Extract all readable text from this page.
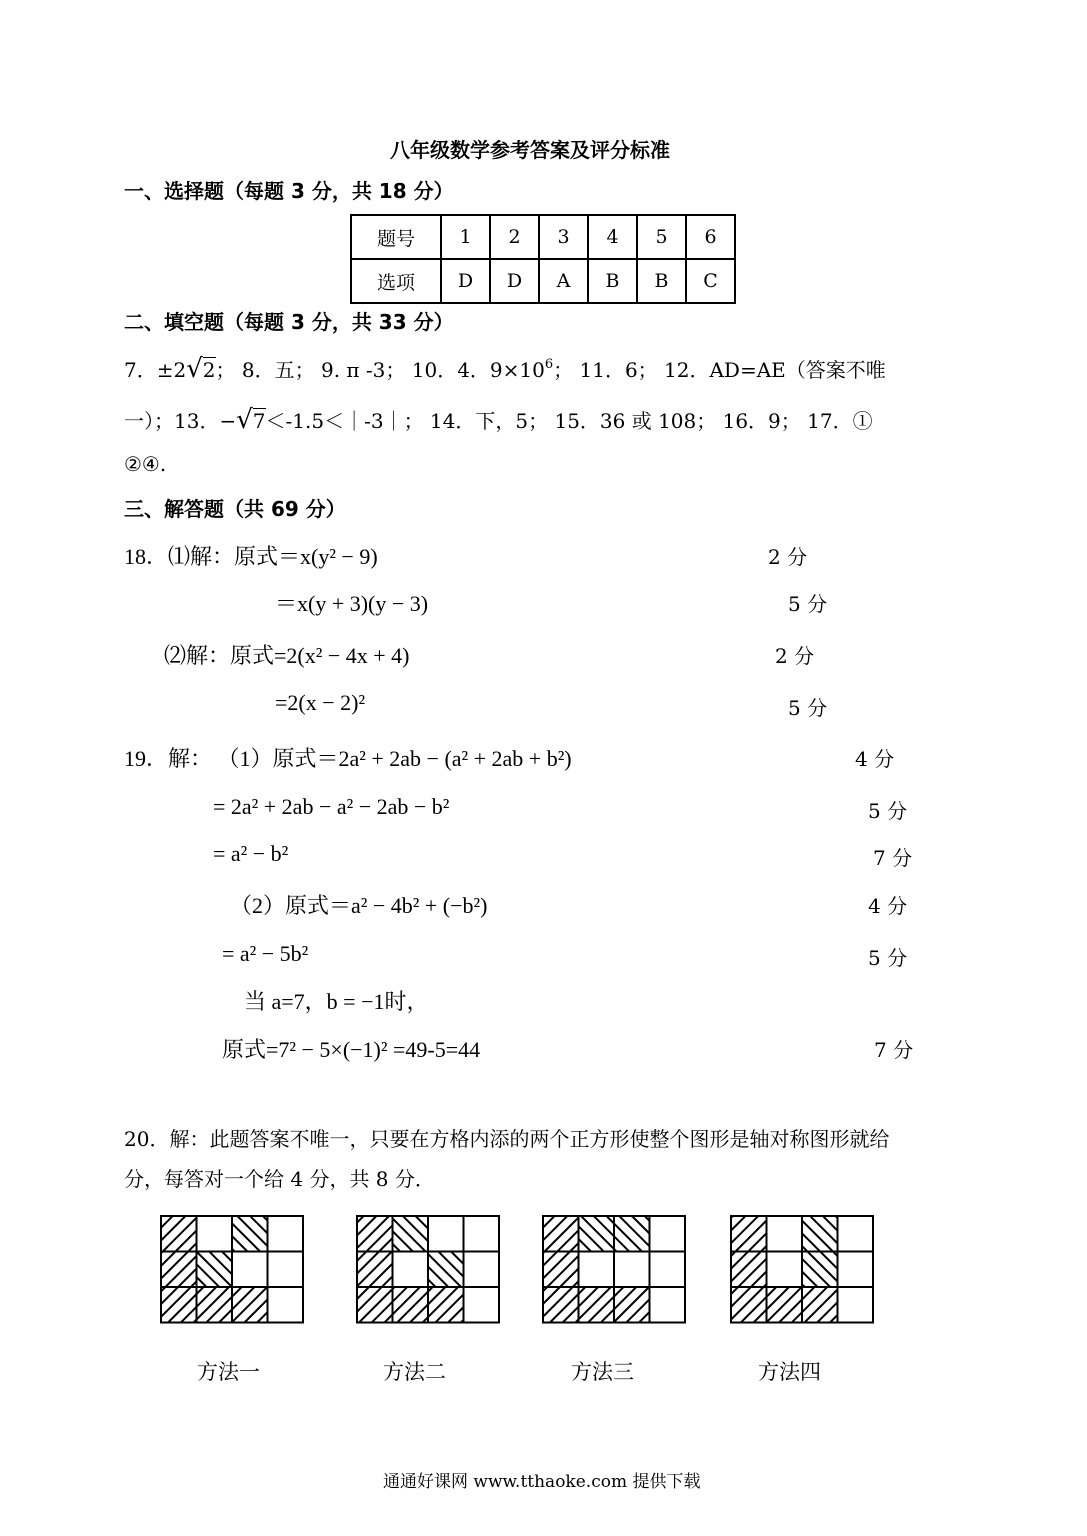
八年级数学参考答案及评分标准
一、选择题（每题 3 分，共 18 分）
题号	1	2	3	4	5	6
选项	D	D	A	B	B	C
二、填空题（每题 3 分，共 33 分）
7．±2√2； 8．五； 9. π -3； 10．4．$9\times 10^6$； 11．6； 12．AD=AE（答案不唯
一）；13．−√7＜-1.5＜｜-3｜； 14．下，5； 15．36 或 108； 16．9； 17．①
②④.
三、解答题（共 69 分）
18．⑴解：原式＝x(y² − 9)	2 分
＝x(y + 3)(y − 3)	5 分
⑵解：原式=2(x² − 4x + 4)	2 分
=2(x − 2)²	5 分
19．解： （1）原式＝2a² + 2ab − (a² + 2ab + b²)	4 分
= 2a² + 2ab − a² − 2ab − b²	5 分
= a² − b²	7 分
（2）原式＝a² − 4b² + (−b²)	4 分
= a² − 5b²	5 分
当 a=7，b = −1时，
原式=7² − 5×(−1)² =49-5=44	7 分
20．解：此题答案不唯一，只要在方格内添的两个正方形使整个图形是轴对称图形就给
分，每答对一个给 4 分，共 8 分．
方法一	方法二	方法三	方法四
通通好课网 www.tthaoke.com 提供下载
